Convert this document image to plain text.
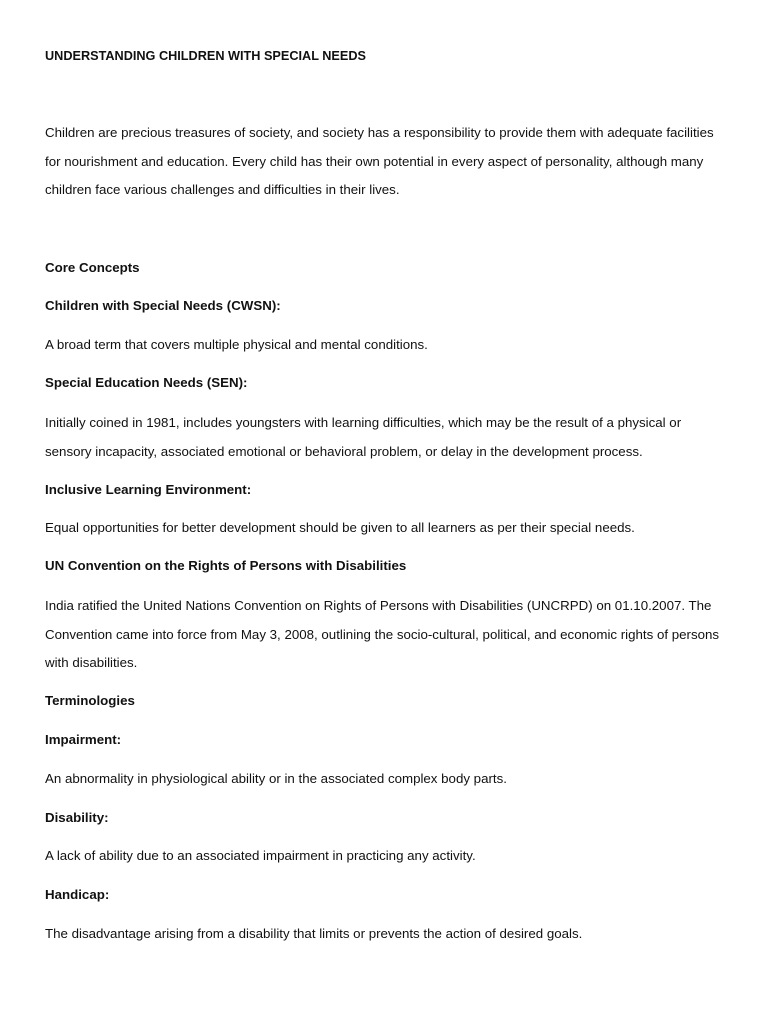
UNDERSTANDING CHILDREN WITH SPECIAL NEEDS

Children are precious treasures of society, and society has a responsibility to provide them with adequate facilities for nourishment and education. Every child has their own potential in every aspect of personality, although many children face various challenges and difficulties in their lives.

Core Concepts

Children with Special Needs (CWSN):

A broad term that covers multiple physical and mental conditions.

Special Education Needs (SEN):

Initially coined in 1981, includes youngsters with learning difficulties, which may be the result of a physical or sensory incapacity, associated emotional or behavioral problem, or delay in the development process.

Inclusive Learning Environment:

Equal opportunities for better development should be given to all learners as per their special needs.

UN Convention on the Rights of Persons with Disabilities

India ratified the United Nations Convention on Rights of Persons with Disabilities (UNCRPD) on 01.10.2007. The Convention came into force from May 3, 2008, outlining the socio-cultural, political, and economic rights of persons with disabilities.

Terminologies

Impairment:

An abnormality in physiological ability or in the associated complex body parts.

Disability:

A lack of ability due to an associated impairment in practicing any activity.

Handicap:

The disadvantage arising from a disability that limits or prevents the action of desired goals.
